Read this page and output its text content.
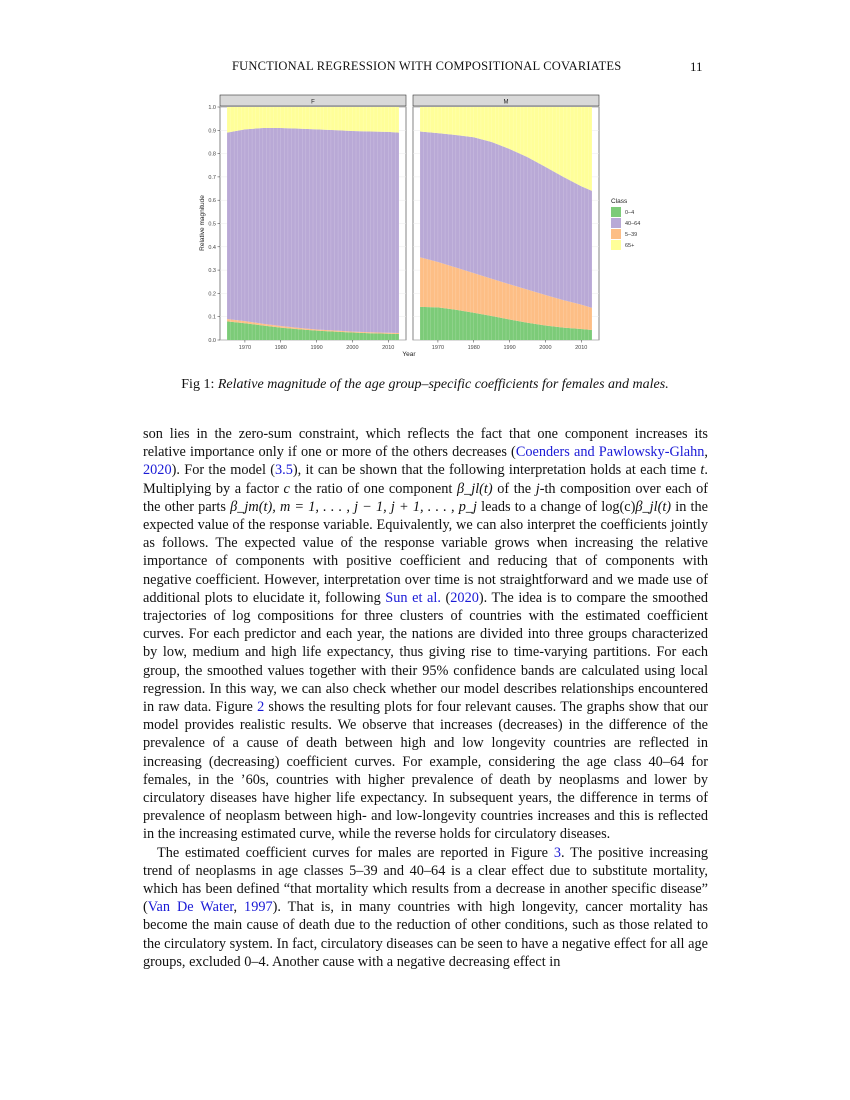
FUNCTIONAL REGRESSION WITH COMPOSITIONAL COVARIATES	11
F
1970	1980	1990	2000	2010
M
1970	1980	1990	2000	2010
0.0
0.1
0.2
0.3
0.4
0.5
0.6
0.7
0.8
0.9
1.0
Year
Relative magnitude	Class
0–4
40–64
5–39
65+
Fig 1: Relative magnitude of the age group–specific coefficients for females and males.

son lies in the zero-sum constraint, which reflects the fact that one component increases its relative importance only if one or more of the others decreases (Coenders and Pawlowsky-Glahn, 2020). For the model (3.5), it can be shown that the following interpretation holds at each time t. Multiplying by a factor c the ratio of one component β_jl(t) of the j-th composition over each of the other parts β_jm(t), m = 1, . . . , j − 1, j + 1, . . . , p_j leads to a change of log(c)β_jl(t) in the expected value of the response variable. Equivalently, we can also interpret the coefficients jointly as follows. The expected value of the response variable grows when increasing the relative importance of components with positive coefficient and reducing that of components with negative coefficient. However, interpretation over time is not straightforward and we made use of additional plots to elucidate it, following Sun et al. (2020). The idea is to compare the smoothed trajectories of log compositions for three clusters of countries with the estimated coefficient curves. For each predictor and each year, the nations are divided into three groups characterized by low, medium and high life expectancy, thus giving rise to time-varying partitions. For each group, the smoothed values together with their 95% confidence bands are calculated using local regression. In this way, we can also check whether our model describes relationships encountered in raw data. Figure 2 shows the resulting plots for four relevant causes. The graphs show that our model provides realistic results. We observe that increases (decreases) in the difference of the prevalence of a cause of death between high and low longevity countries are reflected in increasing (decreasing) coefficient curves. For example, considering the age class 40–64 for females, in the ’60s, countries with higher prevalence of death by neoplasms and lower by circulatory diseases have higher life expectancy. In subsequent years, the difference in terms of prevalence of neoplasm between high- and low-longevity countries increases and this is reflected in the increasing estimated curve, while the reverse holds for circulatory diseases.

The estimated coefficient curves for males are reported in Figure 3. The positive increasing trend of neoplasms in age classes 5–39 and 40–64 is a clear effect due to substitute mortality, which has been defined “that mortality which results from a decrease in another specific disease” (Van De Water, 1997). That is, in many countries with high longevity, cancer mortality has become the main cause of death due to the reduction of other conditions, such as those related to the circulatory system. In fact, circulatory diseases can be seen to have a negative effect for all age groups, excluded 0–4. Another cause with a negative decreasing effect in
